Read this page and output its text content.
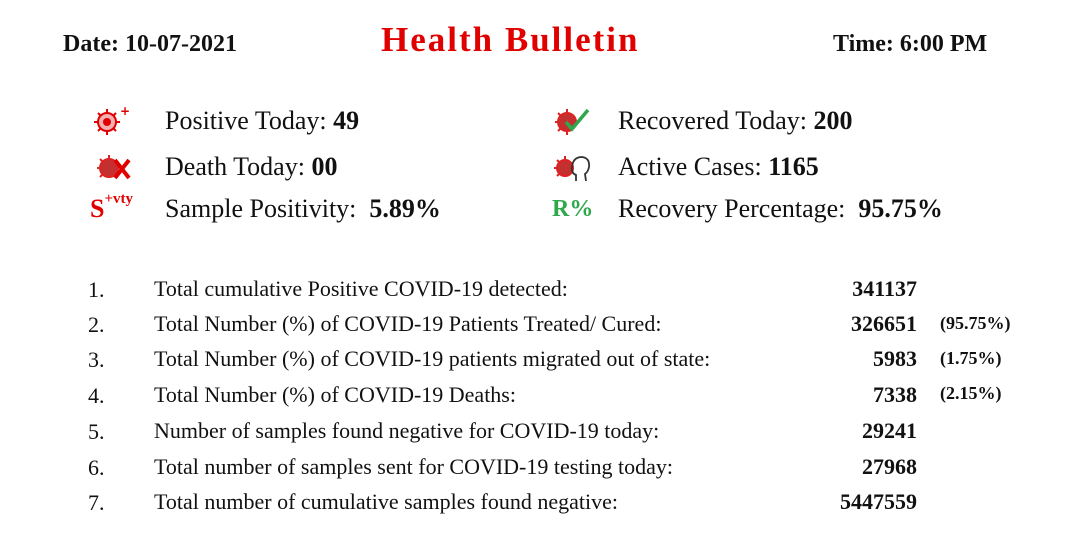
Date: 10-07-2021	Health Bulletin	Time: 6:00 PM
+
$S^{+vty}$	R%
Positive Today: 49	Recovered Today: 200
Death Today: 00	Active Cases: 1165
Sample Positivity: 5.89%	Recovery Percentage: 95.75%
1. Total cumulative Positive COVID-19 detected:	341137
2. Total Number (%) of COVID-19 Patients Treated/ Cured:	326651 (95.75%)
3. Total Number (%) of COVID-19 patients migrated out of state:	5983 (1.75%)
4. Total Number (%) of COVID-19 Deaths:	7338 (2.15%)
5. Number of samples found negative for COVID-19 today:	29241
6. Total number of samples sent for COVID-19 testing today:	27968
7. Total number of cumulative samples found negative:	5447559
